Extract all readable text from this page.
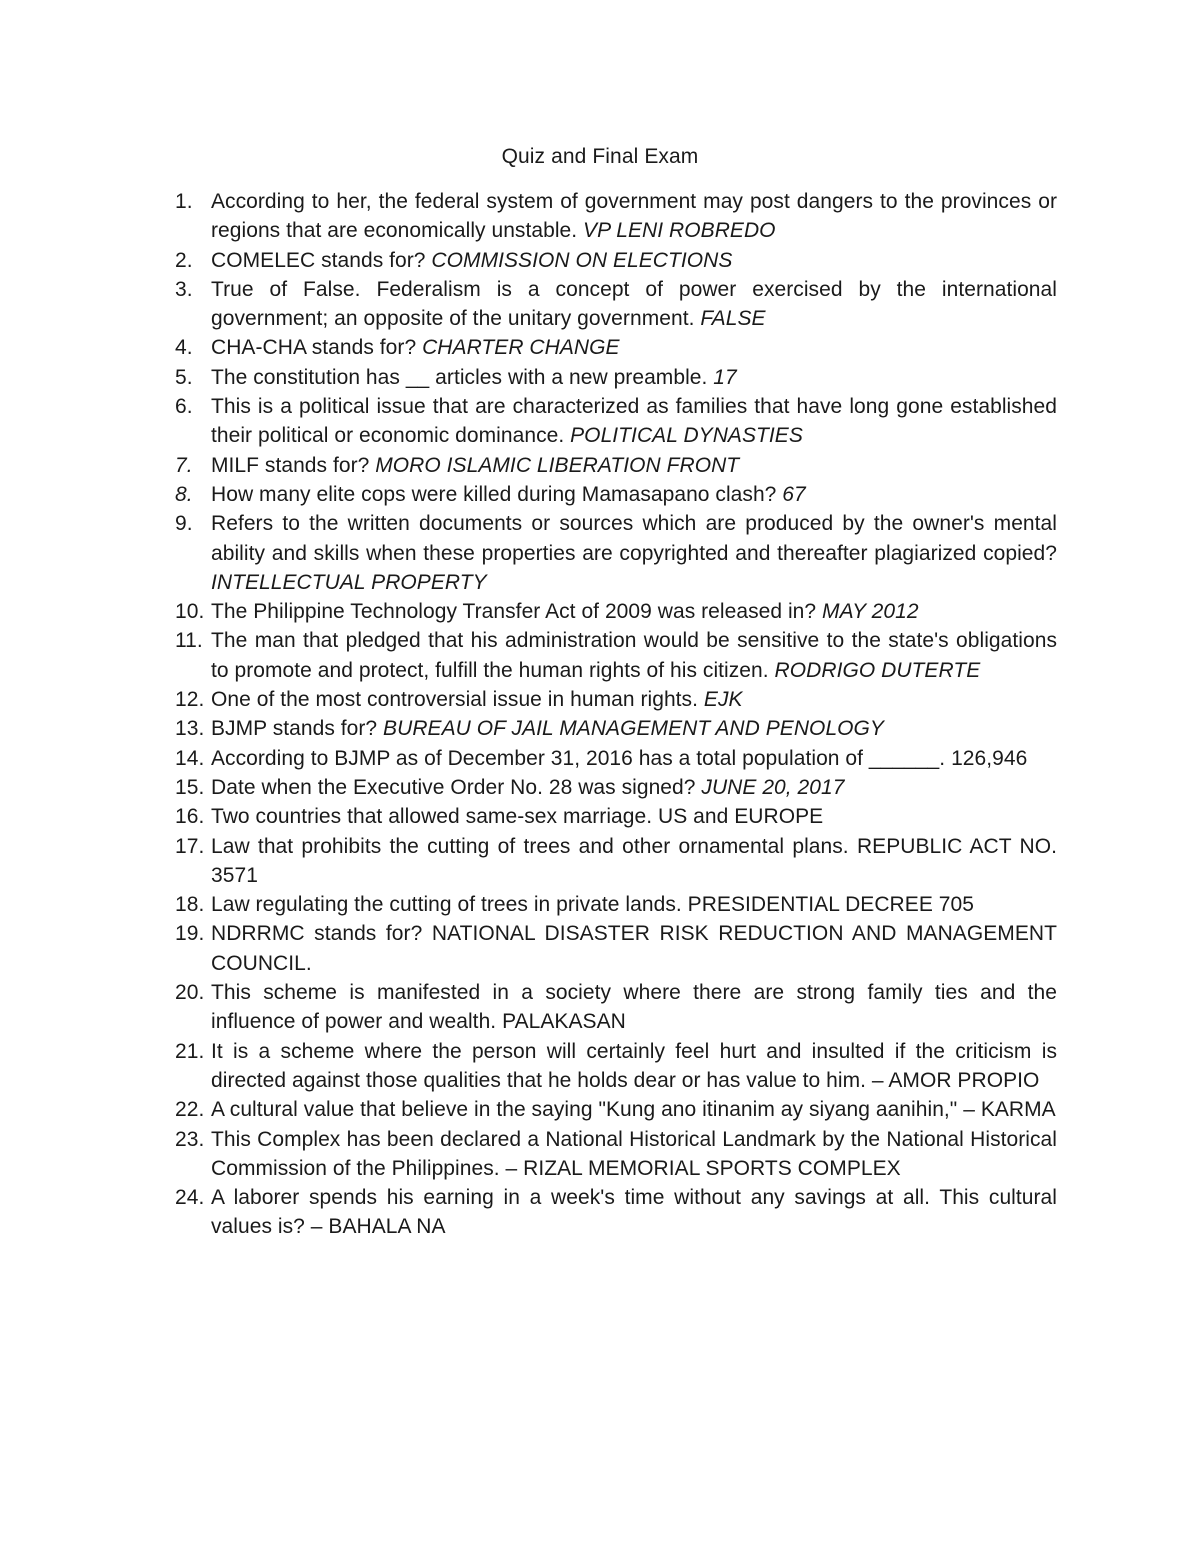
Quiz and Final Exam
1. According to her, the federal system of government may post dangers to the provinces or regions that are economically unstable. VP LENI ROBREDO
2. COMELEC stands for? COMMISSION ON ELECTIONS
3. True of False. Federalism is a concept of power exercised by the international government; an opposite of the unitary government. FALSE
4. CHA-CHA stands for? CHARTER CHANGE
5. The constitution has __ articles with a new preamble. 17
6. This is a political issue that are characterized as families that have long gone established their political or economic dominance. POLITICAL DYNASTIES
7. MILF stands for? MORO ISLAMIC LIBERATION FRONT
8. How many elite cops were killed during Mamasapano clash? 67
9. Refers to the written documents or sources which are produced by the owner's mental ability and skills when these properties are copyrighted and thereafter plagiarized copied? INTELLECTUAL PROPERTY
10. The Philippine Technology Transfer Act of 2009 was released in? MAY 2012
11. The man that pledged that his administration would be sensitive to the state's obligations to promote and protect, fulfill the human rights of his citizen. RODRIGO DUTERTE
12. One of the most controversial issue in human rights. EJK
13. BJMP stands for? BUREAU OF JAIL MANAGEMENT AND PENOLOGY
14. According to BJMP as of December 31, 2016 has a total population of ______. 126,946
15. Date when the Executive Order No. 28 was signed? JUNE 20, 2017
16. Two countries that allowed same-sex marriage. US and EUROPE
17. Law that prohibits the cutting of trees and other ornamental plans. REPUBLIC ACT NO. 3571
18. Law regulating the cutting of trees in private lands. PRESIDENTIAL DECREE 705
19. NDRRMC stands for? NATIONAL DISASTER RISK REDUCTION AND MANAGEMENT COUNCIL.
20. This scheme is manifested in a society where there are strong family ties and the influence of power and wealth. PALAKASAN
21. It is a scheme where the person will certainly feel hurt and insulted if the criticism is directed against those qualities that he holds dear or has value to him. – AMOR PROPIO
22. A cultural value that believe in the saying "Kung ano itinanim ay siyang aanihin," – KARMA
23. This Complex has been declared a National Historical Landmark by the National Historical Commission of the Philippines. – RIZAL MEMORIAL SPORTS COMPLEX
24. A laborer spends his earning in a week's time without any savings at all. This cultural values is? – BAHALA NA
